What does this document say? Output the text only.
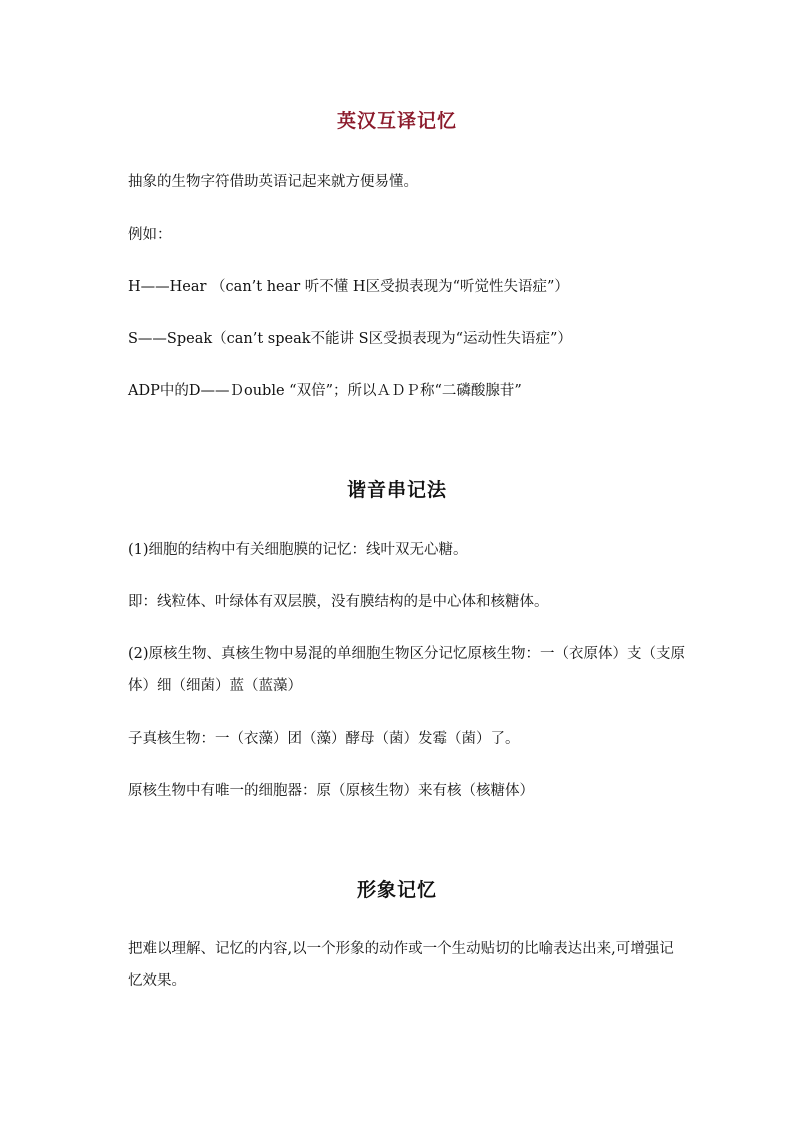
英汉互译记忆
抽象的生物字符借助英语记起来就方便易懂。
例如：
H——Hear （can’t hear 听不懂 H区受损表现为“听觉性失语症”）
S——Speak（can’t speak不能讲 S区受损表现为“运动性失语症”）
ADP中的D——Ｄouble “双倍”；所以ＡＤＰ称“二磷酸腺苷”
谐音串记法
(1)细胞的结构中有关细胞膜的记忆：线叶双无心糖。
即：线粒体、叶绿体有双层膜，没有膜结构的是中心体和核糖体。
(2)原核生物、真核生物中易混的单细胞生物区分记忆原核生物：一（衣原体）支（支原体）细（细菌）蓝（蓝藻）
子真核生物：一（衣藻）团（藻）酵母（菌）发霉（菌）了。
原核生物中有唯一的细胞器：原（原核生物）来有核（核糖体）
形象记忆
把难以理解、记忆的内容,以一个形象的动作或一个生动贴切的比喻表达出来,可增强记忆效果。
